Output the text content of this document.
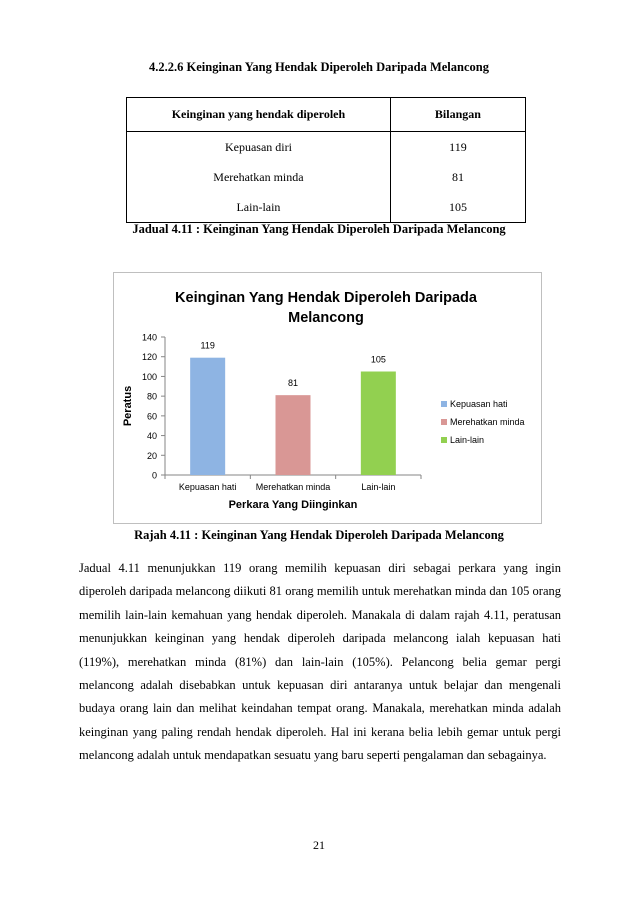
4.2.2.6 Keinginan Yang Hendak Diperoleh Daripada Melancong
Keinginan yang hendak diperoleh	Bilangan
Kepuasan diri	119
Merehatkan minda	81
Lain-lain	105
Jadual 4.11 : Keinginan Yang Hendak Diperoleh Daripada Melancong
Keinginan Yang Hendak Diperoleh Daripada
Melancong
0
20
40
60
80
100
120
140
119
Kepuasan hati
81
Merehatkan minda
105
Lain-lain
Perkara Yang Diinginkan
Peratus	Kepuasan hati
Merehatkan minda
Lain-lain
Rajah 4.11 : Keinginan Yang Hendak Diperoleh Daripada Melancong
Jadual 4.11 menunjukkan 119 orang memilih kepuasan diri sebagai perkara yang ingin diperoleh daripada melancong diikuti 81 orang memilih untuk merehatkan minda dan 105 orang memilih lain-lain kemahuan yang hendak diperoleh. Manakala di dalam rajah 4.11, peratusan menunjukkan keinginan yang hendak diperoleh daripada melancong ialah kepuasan hati (119%), merehatkan minda (81%) dan lain-lain (105%). Pelancong belia gemar pergi melancong adalah disebabkan untuk kepuasan diri antaranya untuk belajar dan mengenali budaya orang lain dan melihat keindahan tempat orang. Manakala, merehatkan minda adalah keinginan yang paling rendah hendak diperoleh. Hal ini kerana belia lebih gemar untuk pergi melancong adalah untuk mendapatkan sesuatu yang baru seperti pengalaman dan sebagainya.
21
